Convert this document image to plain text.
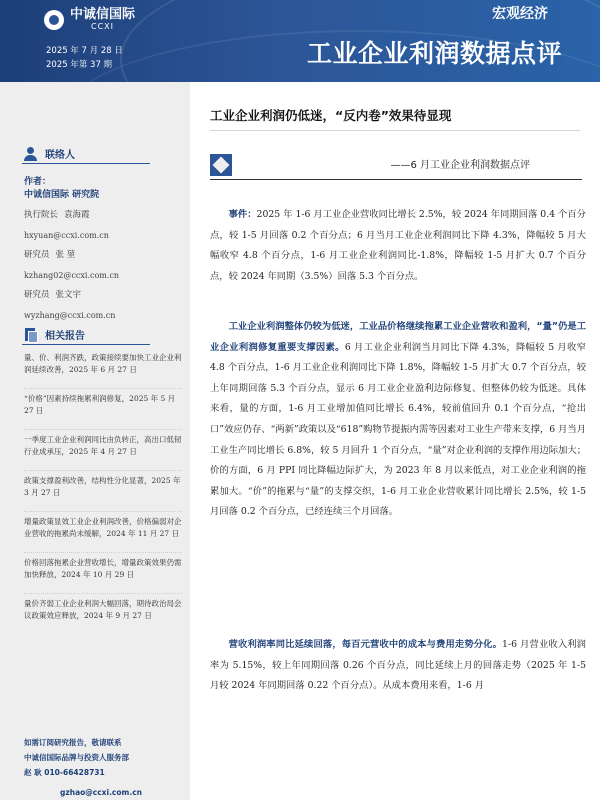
中诚信国际
CCXI
2025 年 7 月 28 日
2025 年第 37 期
宏观经济
工业企业利润数据点评
联络人
作者：
中诚信国际 研究院
执行院长 袁海霞
hxyuan@ccxi.com.cn
研究员 张 堃
kzhang02@ccxi.com.cn
研究员 张文宇
wyzhang@ccxi.com.cn
相关报告
量、价、利润齐跌，政策接续要加快工业企业利润延续改善，2025 年 6 月 27 日
“价格”因素持续拖累利润修复，2025 年 5 月 27 日
一季度工业企业利润同比由负转正，高出口低韧行业成承压，2025 年 4 月 27 日
政策支撑盈利改善，结构性分化显著，2025 年 3 月 27 日
增量政策显效工业企业利润改善，价格偏弱对企业营收的拖累尚未缓解，2024 年 11 月 27 日
价格回落拖累企业营收增长，增量政策效果仍需加快释放，2024 年 10 月 29 日
量价齐弱工业企业利润大幅回落，期待政治局会议政策效应释放，2024 年 9 月 27 日
如需订阅研究报告，敬请联系
中诚信国际品牌与投资人服务部
赵 耿 010-66428731
gzhao@ccxi.com.cn
工业企业利润仍低迷，“反内卷”效果待显现
——6 月工业企业利润数据点评

事件：2025 年 1-6 月工业企业营收同比增长 2.5%，较 2024 年同期回落 0.4 个百分点，较 1-5 月回落 0.2 个百分点；6 月当月工业企业利润同比下降 4.3%，降幅较 5 月大幅收窄 4.8 个百分点，1-6 月工业企业利润同比-1.8%，降幅较 1-5 月扩大 0.7 个百分点，较 2024 年同期（3.5%）回落 5.3 个百分点。

工业企业利润整体仍较为低迷，工业品价格继续拖累工业企业营收和盈利，“量”仍是工业企业利润修复重要支撑因素。6 月工业企业利润当月同比下降 4.3%，降幅较 5 月收窄 4.8 个百分点，1-6 月工业企业利润同比下降 1.8%，降幅较 1-5 月扩大 0.7 个百分点，较上年同期回落 5.3 个百分点，显示 6 月工业企业盈利边际修复、但整体仍较为低迷。具体来看，量的方面，1-6 月工业增加值同比增长 6.4%，较前值回升 0.1 个百分点，“抢出口”效应仍存、“两新”政策以及“618”购物节提振内需等因素对工业生产带来支撑，6 月当月工业生产同比增长 6.8%，较 5 月回升 1 个百分点，“量”对企业利润的支撑作用边际加大；价的方面，6 月 PPI 同比降幅边际扩大，为 2023 年 8 月以来低点，对工业企业利润的拖累加大。“价”的拖累与“量”的支撑交织，1-6 月工业企业营收累计同比增长 2.5%，较 1-5 月回落 0.2 个百分点，已经连续三个月回落。

营收利润率同比延续回落，每百元营收中的成本与费用走势分化。1-6 月营业收入利润率为 5.15%，较上年同期回落 0.26 个百分点，同比延续上月的回落走势（2025 年 1-5 月较 2024 年同期回落 0.22 个百分点）。从成本费用来看，1-6 月
